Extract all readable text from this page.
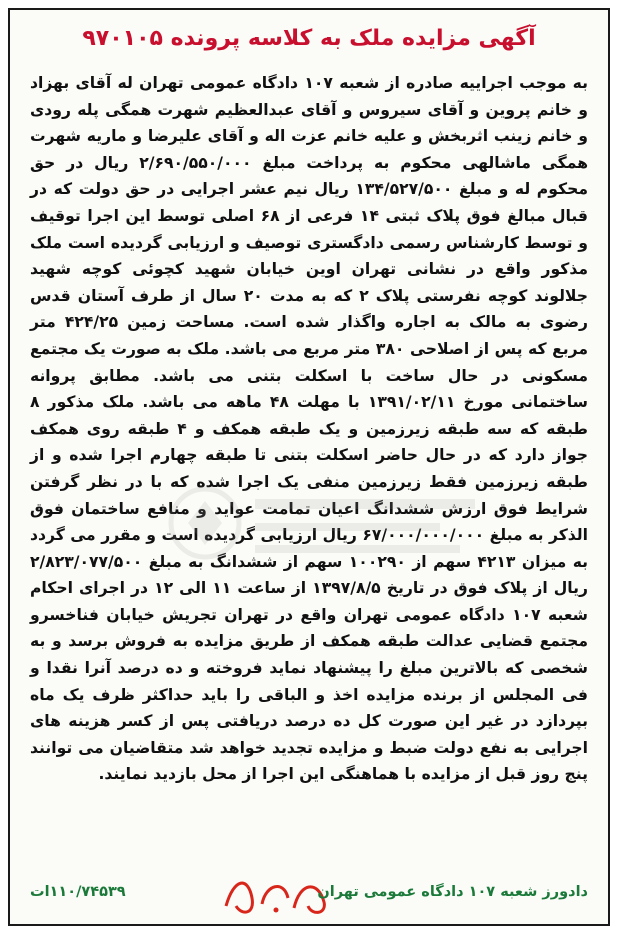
آگهی مزایده ملک به کلاسه پرونده ۹۷۰۱۰۵
به موجب اجراییه صادره از شعبه ۱۰۷ دادگاه عمومی تهران له آقای بهزاد و خانم پروین و آقای سیروس و آقای عبدالعظیم شهرت همگی پله رودی و خانم زینب اثربخش و علیه خانم عزت اله و آقای علیرضا و ماریه شهرت همگی ماشالهی محکوم به پرداخت مبلغ ۲/۶۹۰/۵۵۰/۰۰۰ ریال در حق محکوم له و مبلغ ۱۳۴/۵۲۷/۵۰۰ ریال نیم عشر اجرایی در حق دولت که در قبال مبالغ فوق پلاک ثبتی ۱۴ فرعی از ۶۸ اصلی توسط این اجرا توقیف و توسط کارشناس رسمی دادگستری توصیف و ارزیابی گردیده است ملک مذکور واقع در نشانی تهران اوین خیابان شهید کچوئی کوچه شهید جلالوند کوچه نفرستی پلاک ۲ که به مدت ۲۰ سال از طرف آستان قدس رضوی به مالک به اجاره واگذار شده است. مساحت زمین ۴۲۴/۲۵ متر مربع که پس از اصلاحی ۳۸۰ متر مربع می باشد. ملک به صورت یک مجتمع مسکونی در حال ساخت با اسکلت بتنی می باشد. مطابق پروانه ساختمانی مورخ ۱۳۹۱/۰۲/۱۱ با مهلت ۴۸ ماهه می باشد. ملک مذکور ۸ طبقه که سه طبقه زیرزمین و یک طبقه همکف و ۴ طبقه روی همکف جواز دارد که در حال حاضر اسکلت بتنی تا طبقه چهارم اجرا شده و از طبقه زیرزمین فقط زیرزمین منفی یک اجرا شده که با در نظر گرفتن شرایط فوق ارزش ششدانگ اعیان تمامت عواید و منافع ساختمان فوق الذکر به مبلغ ۶۷/۰۰۰/۰۰۰/۰۰۰ ریال ارزیابی گردیده است و مقرر می گردد به میزان ۴۲۱۳ سهم از ۱۰۰۲۹۰ سهم از ششدانگ به مبلغ ۲/۸۲۳/۰۷۷/۵۰۰ ریال از پلاک فوق در تاریخ ۱۳۹۷/۸/۵ از ساعت ۱۱ الی ۱۲ در اجرای احکام شعبه ۱۰۷ دادگاه عمومی تهران واقع در تهران تجریش خیابان فناخسرو مجتمع قضایی عدالت طبقه همکف از طریق مزایده به فروش برسد و به شخصی که بالاترین مبلغ را پیشنهاد نماید فروخته و ده درصد آنرا نقدا و فی المجلس از برنده مزایده اخذ و الباقی را باید حداکثر ظرف یک ماه بپردازد در غیر این صورت کل ده درصد دریافتی پس از کسر هزینه های اجرایی به نفع دولت ضبط و مزایده تجدید خواهد شد متقاضیان می توانند پنج روز قبل از مزایده با هماهنگی این اجرا از محل بازدید نمایند.
دادورز شعبه ۱۰۷ دادگاه عمومی تهران
۱۱۰/۷۴۵۳۹ات
